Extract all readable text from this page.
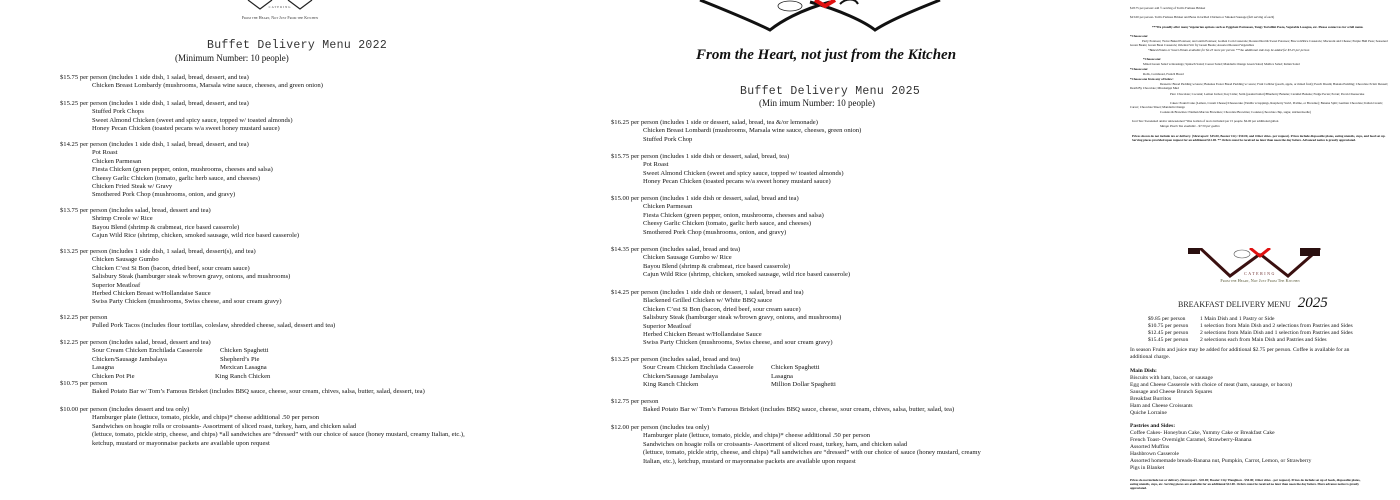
CATERING
From the Heart, Not Just From the Kitchen
Buffet Delivery Menu 2022
(Minimum Number: 10 people)
$15.75 per person (includes 1 side dish, 1 salad, bread, dessert, and tea)
Chicken Breast Lombardy (mushrooms, Marsala wine sauce, cheeses, and green onion)
$15.25 per person (includes 1 side dish, 1 salad, bread, dessert, and tea)
Stuffed Pork Chops
Sweet Almond Chicken (sweet and spicy sauce, topped w/ toasted almonds)
Honey Pecan Chicken (toasted pecans w/a sweet honey mustard sauce)
$14.25 per person (includes 1 side dish, 1 salad, bread, dessert, and tea)
Pot Roast
Chicken Parmesan
Fiesta Chicken (green pepper, onion, mushrooms, cheeses and salsa)
Cheesy Garlic Chicken (tomato, garlic herb sauce, and cheeses)
Chicken Fried Steak w/ Gravy
Smothered Pork Chop (mushrooms, onion, and gravy)
$13.75 per person (includes salad, bread, dessert and tea)
Shrimp Creole w/ Rice
Bayou Blend (shrimp & crabmeat, rice based casserole)
Cajun Wild Rice (shrimp, chicken, smoked sausage, wild rice based casserole)
$13.25 per person (includes 1 side dish, 1 salad, bread, dessert(s), and tea)
Chicken Sausage Gumbo
Chicken C’est Si Bon (bacon, dried beef, sour cream sauce)
Salisbury Steak (hamburger steak w/brown gravy, onions, and mushrooms)
Superior Meatloaf
Herbed Chicken Breast w/Hollandaise Sauce
Swiss Party Chicken (mushrooms, Swiss cheese, and sour cream gravy)
$12.25 per person
Pulled Pork Tacos (includes flour tortillas, coleslaw, shredded cheese, salad, dessert and tea)
$12.25 per person (includes salad, bread, dessert and tea)
Sour Cream Chicken Enchilada Casserole	Chicken Spaghetti
Chicken/Sausage Jambalaya	Shepherd’s Pie
Lasagna	Mexican Lasagna
Chicken Pot Pie	King Ranch Chicken
$10.75 per person
Baked Potato Bar w/ Tom’s Famous Brisket (includes BBQ sauce, cheese, sour cream, chives, salsa, butter, salad, dessert, tea)
$10.00 per person (includes dessert and tea only)
Hamburger plate (lettuce, tomato, pickle, and chips)* cheese additional .50 per person
Sandwiches on hoagie rolls or croissants- Assortment of sliced roast, turkey, ham, and chicken salad
(lettuce, tomato, pickle strip, cheese, and chips) *all sandwiches are “dressed” with our choice of sauce (honey mustard, creamy Italian, etc.),
ketchup, mustard or mayonnaise packets are available upon request
From the Heart, not just from the Kitchen
Buffet Delivery Menu 2025
(Min imum Number: 10 people)
$16.25 per person (includes 1 side or dessert, salad, bread, tea &/or lemonade)
Chicken Breast Lombardi (mushrooms, Marsala wine sauce, cheeses, green onion)
Stuffed Pork Chop
$15.75 per person (includes 1 side dish or dessert, salad, bread, tea)
Pot Roast
Sweet Almond Chicken (sweet and spicy sauce, topped w/ toasted almonds)
Honey Pecan Chicken (toasted pecans w/a sweet honey mustard sauce)
$15.00 per person (includes 1 side dish or dessert, salad, bread and tea)
Chicken Parmesan
Fiesta Chicken (green pepper, onion, mushrooms, cheeses and salsa)
Cheesy Garlic Chicken (tomato, garlic herb sauce, and cheeses)
Smothered Pork Chop (mushrooms, onion, and gravy)
$14.35 per person (includes salad, bread and tea)
Chicken Sausage Gumbo w/ Rice
Bayou Blend (shrimp & crabmeat, rice based casserole)
Cajun Wild Rice (shrimp, chicken, smoked sausage, wild rice based casserole)
$14.25 per person (includes 1 side dish or dessert, 1 salad, bread and tea)
Blackened Grilled Chicken w/ White BBQ sauce
Chicken C’est Si Bon (bacon, dried beef, sour cream sauce)
Salisbury Steak (hamburger steak w/brown gravy, onions, and mushrooms)
Superior Meatloaf
Herbed Chicken Breast w/Hollandaise Sauce
Swiss Party Chicken (mushrooms, Swiss cheese, and sour cream gravy)
$13.25 per person (includes salad, bread and tea)
Sour Cream Chicken Enchilada Casserole	Chicken Spaghetti
Chicken/Sausage Jambalaya	Lasagna
King Ranch Chicken	Million Dollar Spaghetti
$12.75 per person
Baked Potato Bar w/ Tom’s Famous Brisket (includes BBQ sauce, cheese, sour cream, chives, salsa, butter, salad, tea)
$12.00 per person (includes tea only)
Hamburger plate (lettuce, tomato, pickle, and chips)* cheese additional .50 per person
Sandwiches on hoagie rolls or croissants- Assortment of sliced roast, turkey, ham, and chicken salad
(lettuce, tomato, pickle strip, cheese, and chips) *all sandwiches are “dressed” with our choice of sauce (honey mustard, creamy
Italian, etc.), ketchup, mustard or mayonnaise packets are available upon request
$18.75 per person: add ½ serving of Tom's Famous Brisket
$23.00 per person- Tom's Famous Brisket and Bone in Grilled Chicken or Smoked Sausage (full serving of each)
***We proudly offer many Vegetarian options such as Eggplant Parmesan, Tangy Tortellini Pasta, Vegetable Lasagna, etc. Please contact us for a full menu.
*Choose one:
Party Potatoes; Twice Baked Potatoes; Au Gratin Potatoes; Golden Corn Casserole; Roasted Red & Sweet Potatoes; Broccoli/Rice Casserole; Macaroni and Cheese; Purple Hull Peas; Seasoned Green Beans; Green Bean Casserole; Oriental Stir fry Green Beans; Assorted Roasted Vegetables
*Baked Potato or Sweet Potato available for $2.25 more per person ***An additional side may be added for $3.25 per person
*Choose one:
Mixed Green Salad w/dressings; Spinach Salad; Caesar Salad; Mandarin Orange Green Salad; Mollica Salad; Italian Salad
*Choose one:
Rolls, Cornbread, French Bread
*Choose one from any of below:
Desserts: Bread Pudding w/sauce; Bananas Foster Bread Pudding w/ sauce; Fruit Cobbler (peach, apple, or mixed fruit); Peach Dream; Banana Pudding; Chocolate Eclair Dessert; Death By Chocolate; Mississippi Mud
Pies: Chocolate; Coconut; Lemon Icebox; Key Lime; Satin (peanut butter)/Blueberry Banana; Caramel Banana; Fudge Pecan; Pecan; Pecan Cheesecake
Cakes: Pound Cake (Lemon, Cream Cheese)/Cheesecake (Vanilla w/toppings, Raspberry Swirl, Praline, or Brownie); Banana Split; German Chocolate; Italian Cream; Carrot; Chocolate Sheet; Mandarin Orange
Cookies & Brownies: Nieman Marcus Brownies; Chocolate Brownies; Cookies (chocolate chip, sugar, snickerdoodle)
Iced Tea: Sweetened and/or unsweetened *One Gallon of tea is included per 15 people. $6.00 per additional gallon
Mango Peach Tea available - $7.50 per gallon
Prices shown do not include tax or delivery. (Shreveport: $45.00, Bossier City: $50.00, and Other cities- per request). Prices include disposable plates, eating utensils, cups, and food set up. Serving pieces provided upon request for an additional $12.00. ** Orders must be received no later than noon the day before. Advanced notice is greatly appreciated.
CATERING
From the Heart, Not Just From The Kitchen
BREAKFAST DELIVERY MENU 2025
$9.85 per person	1 Main Dish and 1 Pastry or Side
$10.75 per person	1 selection from Main Dish and 2 selections from Pastries and Sides
$12.45 per person	2 selections from Main Dish and 1 selection from Pastries and Sides
$15.45 per person	2 selections each from Main Dish and Pastries and Sides
In season Fruits and juice may be added for additional $2.75 per person. Coffee is available for an additional charge.
Main Dish:
Biscuits with ham, bacon, or sausage
Egg and Cheese Casserole with choice of meat (ham, sausage, or bacon)
Sausage and Cheese Brunch Squares
Breakfast Burritos
Ham and Cheese Croissants
Quiche Lorraine
Pastries and Sides:
Coffee Cakes- Honeybun Cake, Yummy Cake or Breakfast Cake
French Toast- Overnight Caramel, Strawberry-Banana
Assorted Muffins
Hashbrown Casserole
Assorted homemade breads-Banana nut, Pumpkin, Carrot, Lemon, or Strawberry
Pigs in Blanket
Prices do not include tax or delivery. (Shreveport - $45.00; Bossier City/ Haughton - $50.00; Other cities - per request). Prices do include set up of foods, disposable plates, eating utensils, cups, etc. Serving pieces are available for an additional $12.00. Orders must be received no later than noon the day before. More advance notice is greatly appreciated.
